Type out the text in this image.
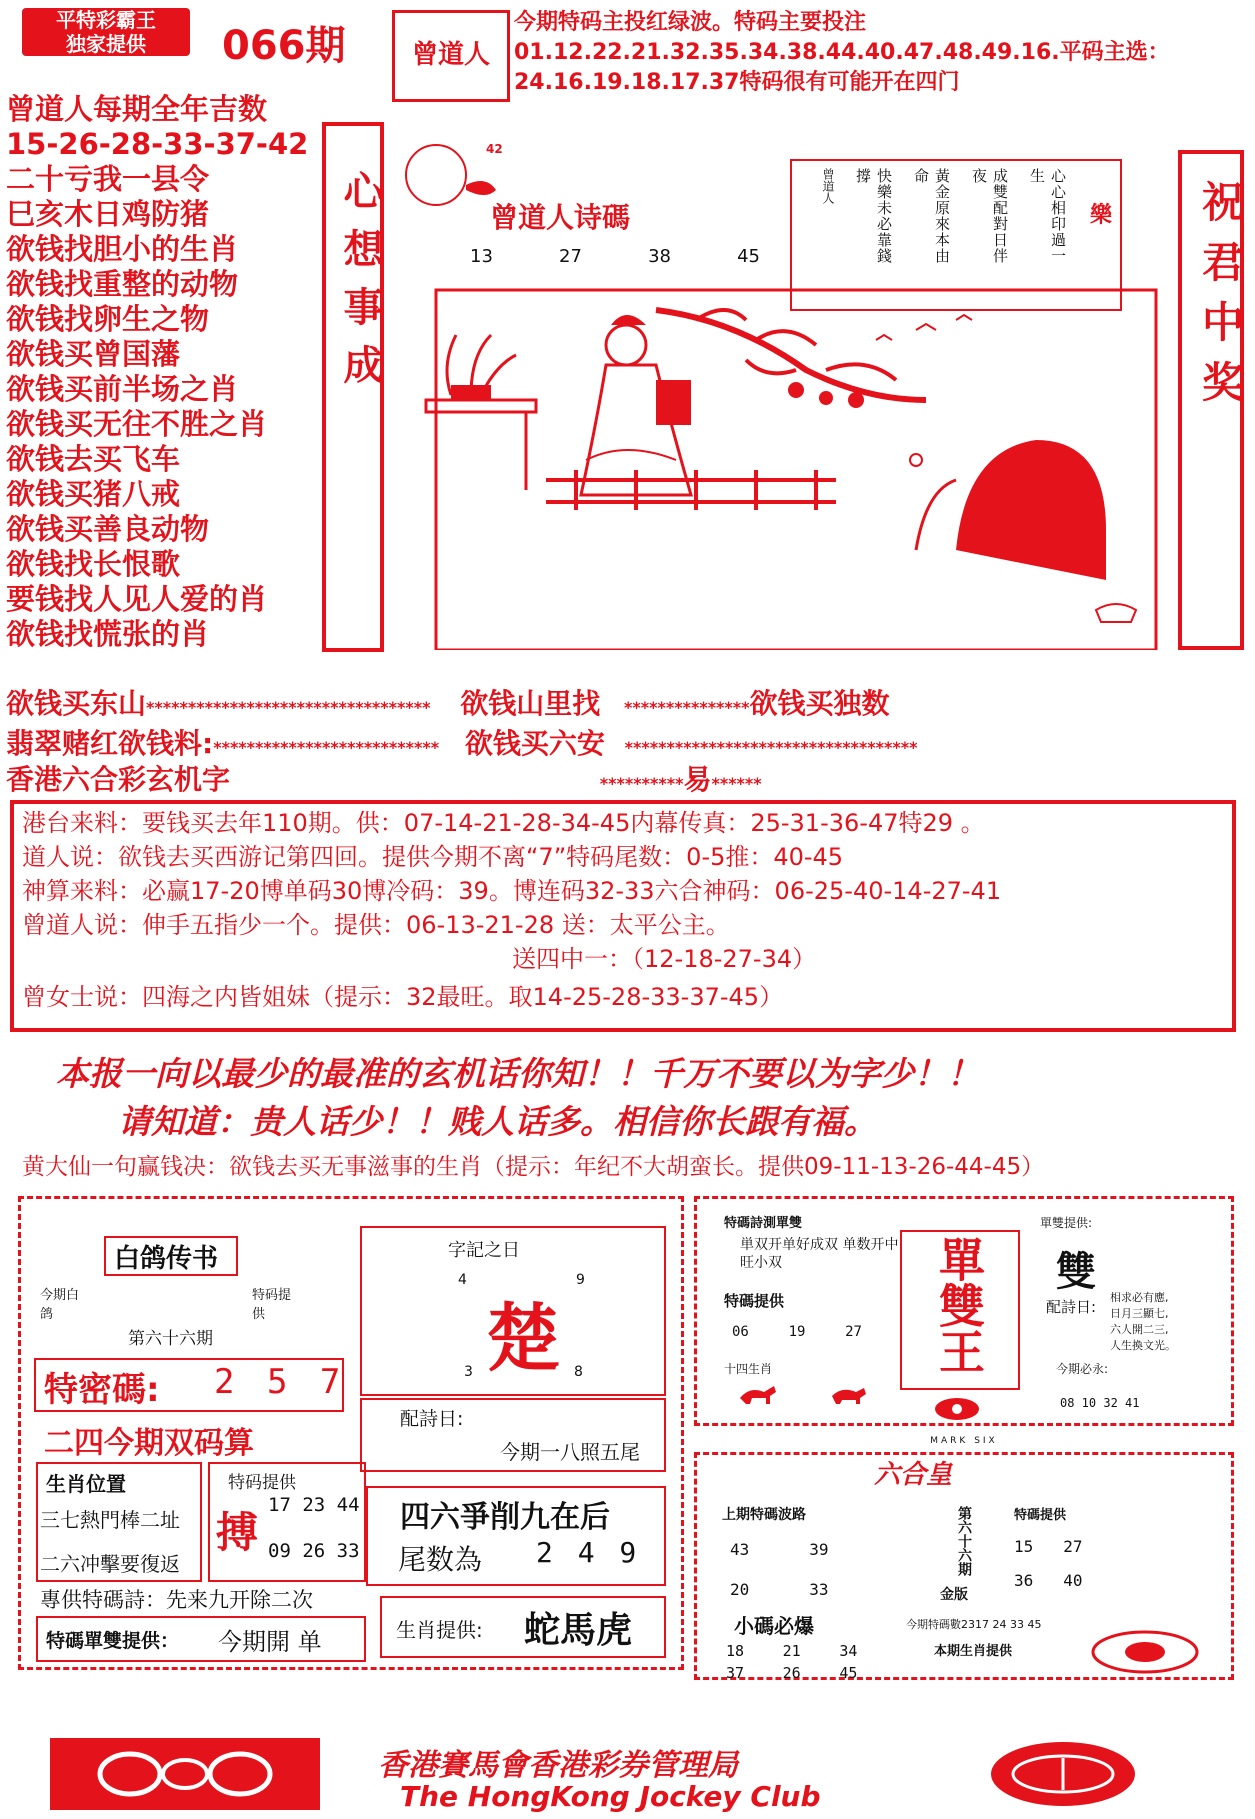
平特彩霸王
独家提供	066期	曾道人
今期特码主投红绿波。特码主要投注01.12.22.21.32.35.34.38.44.40.47.48.49.16.平码主选：24.16.19.18.17.37特码很有可能开在四门
曾道人每期全年吉数
15-26-28-33-37-42
二十亏我一县令
巳亥木日鸡防猪
欲钱找胆小的生肖
欲钱找重整的动物
欲钱找卵生之物
欲钱买曾国藩
欲钱买前半场之肖
欲钱买无往不胜之肖
欲钱去买飞车
欲钱买猪八戒
欲钱买善良动物
欲钱找长恨歌
要钱找人见人爱的肖
欲钱找慌张的肖
心想事成	祝君中奖
42
曾道人诗碼
13	27	38	45
樂
心心相印過一生
成雙配對日伴夜
黃金原來本由命
快樂未必靠錢撐
曾道人
欲钱买东山********************************** 欲钱山里找 ***************欲钱买独数
翡翠赌红欲钱料:*************************** 欲钱买六安 ***********************************
香港六合彩玄机字	**********易******
港台来料：要钱买去年110期。供：07-14-21-28-34-45内幕传真：25-31-36-47特29 。
道人说：欲钱去买西游记第四回。提供今期不离“7”特码尾数：0-5推：40-45
神算来料：必赢17-20博单码30博冷码：39。博连码32-33六合神码：06-25-40-14-27-41
曾道人说：伸手五指少一个。提供：06-13-21-28 送：太平公主。
送四中一：（12-18-27-34）
曾女士说：四海之内皆姐妹（提示：32最旺。取14-25-28-33-37-45）
本报一向以最少的最准的玄机话你知！！千万不要以为字少！！
请知道：贵人话少！！贱人话多。相信你长跟有福。
黄大仙一句赢钱决：欲钱去买无事滋事的生肖（提示：年纪不大胡蛮长。提供09-11-13-26-44-45）
白鸽传书
今期白鸽
特码提供
第六十六期
特密碼: 2 5 7
二四今期双码算
生肖位置
三七熱門棒二址
二六冲擊要復返
特码提供
搏
17 23 44
09 26 33
專供特碼詩：先来九开除二次
特碼單雙提供： 今期開 单
字記之日
4	9
3	8
楚
配詩日:
今期一八照五尾
四六爭削九在后
尾数為 2 4 9
生肖提供: 蛇馬虎
特碼詩測單雙
単双开单好成双 单数开中旺小双
特碼提供
06	19	27
十四生肖	單雙王
單雙提供:
雙
配詩日:
相求必有應,
日月三顯七,
六人開二三,
人生換文光。
今期必永:
08 10 32 41
MARK SIX
六合皇
上期特碼波路
43	39
20	33
第六十六期
金版
特碼提供
15 27
36 40
小碼必爆
18	21	34
37	26	45
今期特碼數2317 24 33 45
本期生肖提供
香港賽馬會香港彩券管理局
The HongKong Jockey Club
